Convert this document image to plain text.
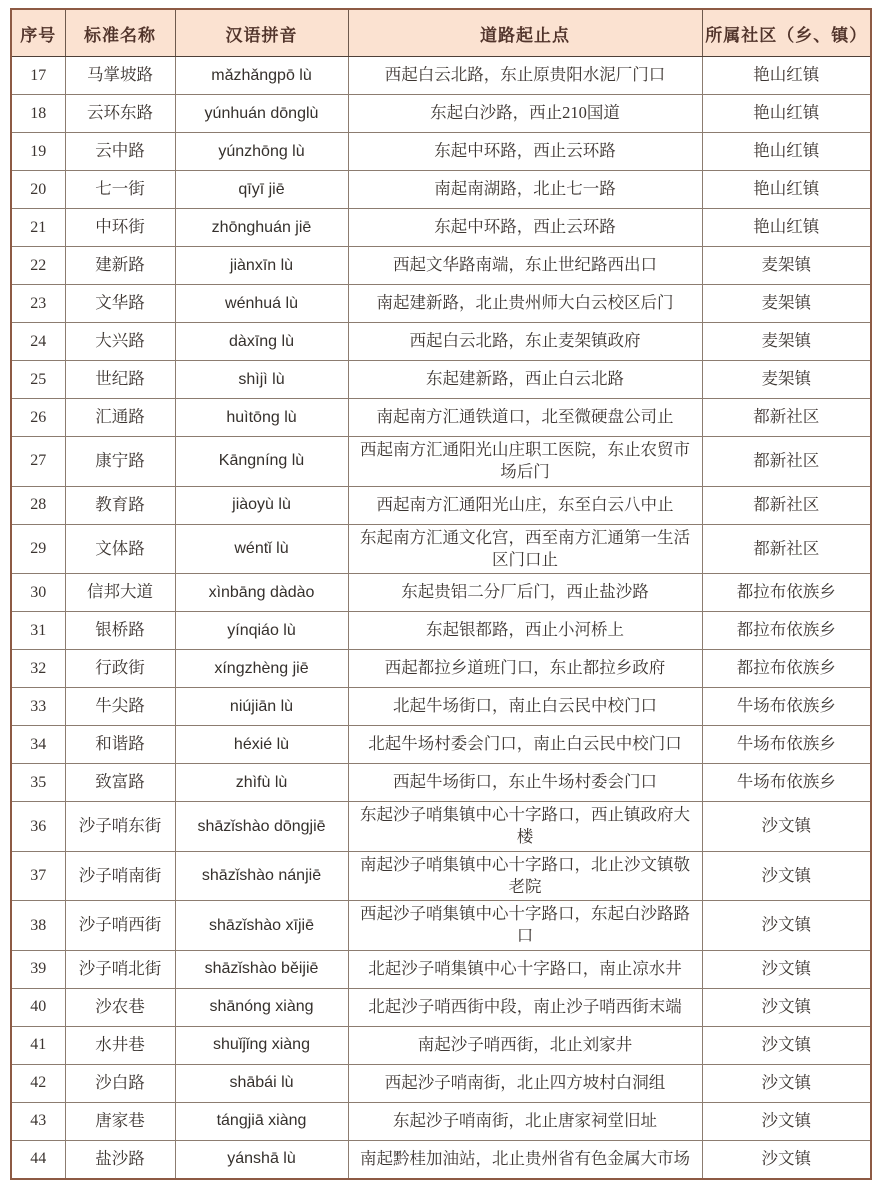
序号	标准名称	汉语拼音	道路起止点	所属社区（乡、镇）
17	马掌坡路	mǎzhǎngpō lù	西起白云北路，东止原贵阳水泥厂门口	艳山红镇
18	云环东路	yúnhuán dōnglù	东起白沙路，西止210国道	艳山红镇
19	云中路	yúnzhōng lù	东起中环路，西止云环路	艳山红镇
20	七一街	qīyī jiē	南起南湖路，北止七一路	艳山红镇
21	中环街	zhōnghuán jiē	东起中环路，西止云环路	艳山红镇
22	建新路	jiànxīn lù	西起文华路南端，东止世纪路西出口	麦架镇
23	文华路	wénhuá lù	南起建新路，北止贵州师大白云校区后门	麦架镇
24	大兴路	dàxīng lù	西起白云北路，东止麦架镇政府	麦架镇
25	世纪路	shìjì lù	东起建新路，西止白云北路	麦架镇
26	汇通路	huìtōng lù	南起南方汇通铁道口，北至微硬盘公司止	都新社区
27	康宁路	Kāngníng lù	西起南方汇通阳光山庄职工医院，东止农贸市场后门	都新社区
28	教育路	jiàoyù lù	西起南方汇通阳光山庄，东至白云八中止	都新社区
29	文体路	wéntǐ lù	东起南方汇通文化宫，西至南方汇通第一生活区门口止	都新社区
30	信邦大道	xìnbāng dàdào	东起贵铝二分厂后门，西止盐沙路	都拉布依族乡
31	银桥路	yínqiáo lù	东起银都路，西止小河桥上	都拉布依族乡
32	行政街	xíngzhèng jiē	西起都拉乡道班门口，东止都拉乡政府	都拉布依族乡
33	牛尖路	niújiān lù	北起牛场街口，南止白云民中校门口	牛场布依族乡
34	和谐路	héxié lù	北起牛场村委会门口，南止白云民中校门口	牛场布依族乡
35	致富路	zhìfù lù	西起牛场街口，东止牛场村委会门口	牛场布依族乡
36	沙子哨东街	shāzǐshào dōngjiē	东起沙子哨集镇中心十字路口，西止镇政府大楼	沙文镇
37	沙子哨南街	shāzǐshào nánjiē	南起沙子哨集镇中心十字路口，北止沙文镇敬老院	沙文镇
38	沙子哨西街	shāzǐshào xījiē	西起沙子哨集镇中心十字路口，东起白沙路路口	沙文镇
39	沙子哨北街	shāzǐshào běijiē	北起沙子哨集镇中心十字路口，南止凉水井	沙文镇
40	沙农巷	shānóng xiàng	北起沙子哨西街中段，南止沙子哨西街末端	沙文镇
41	水井巷	shuǐjǐng xiàng	南起沙子哨西街，北止刘家井	沙文镇
42	沙白路	shābái lù	西起沙子哨南街，北止四方坡村白洞组	沙文镇
43	唐家巷	tángjiā xiàng	东起沙子哨南街，北止唐家祠堂旧址	沙文镇
44	盐沙路	yánshā lù	南起黔桂加油站，北止贵州省有色金属大市场	沙文镇
